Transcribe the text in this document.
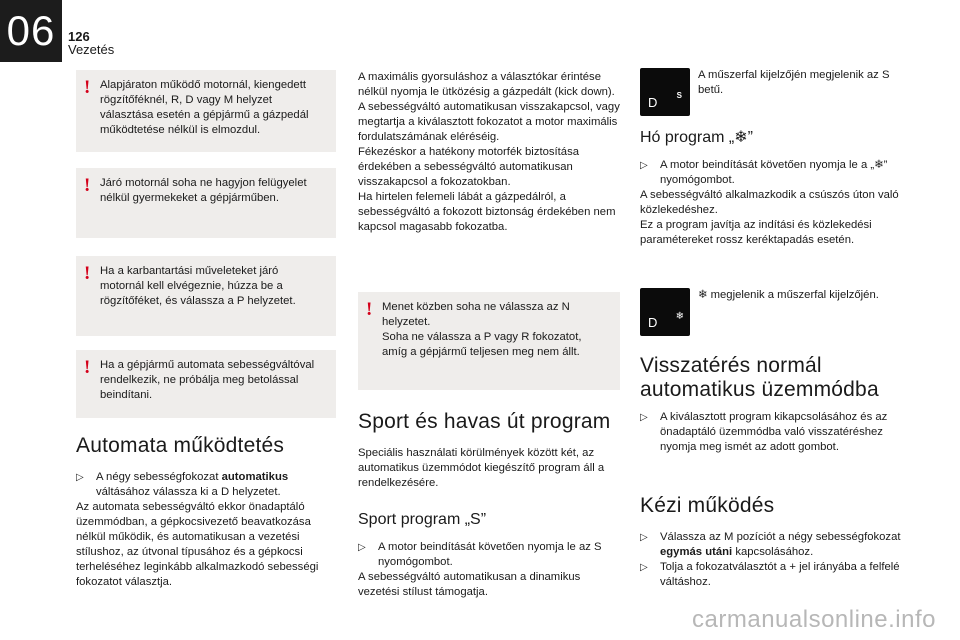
06 126
Vezetés
! Alapjáraton működő motornál, kiengedett rögzítőféknél, R, D vagy M helyzet választása esetén a gépjármű a gázpedál működtetése nélkül is elmozdul.
! Járó motornál soha ne hagyjon felügyelet nélkül gyermekeket a gépjárműben.
! Ha a karbantartási műveleteket járó motornál kell elvégeznie, húzza be a rögzítőféket, és válassza a P helyzetet.
! Ha a gépjármű automata sebességváltóval rendelkezik, ne próbálja meg betolással beindítani.
Automata működtetés
▷ A négy sebességfokozat automatikus váltásához válassza ki a D helyzetet.
Az automata sebességváltó ekkor önadaptáló üzemmódban, a gépkocsivezető beavatkozása nélkül működik, és automatikusan a vezetési stílushoz, az útvonal típusához és a gépkocsi terheléséhez leginkább alkalmazkodó sebességi fokozatot választja.
A maximális gyorsuláshoz a választókar érintése nélkül nyomja le ütközésig a gázpedált (kick down).
A sebességváltó automatikusan visszakapcsol, vagy megtartja a kiválasztott fokozatot a motor maximális fordulatszámának eléréséig.
Fékezéskor a hatékony motorfék biztosítása érdekében a sebességváltó automatikusan visszakapcsol a fokozatokban.
Ha hirtelen felemeli lábát a gázpedálról, a sebességváltó a fokozott biztonság érdekében nem kapcsol magasabb fokozatba.
! Menet közben soha ne válassza az N helyzetet.
Soha ne válassza a P vagy R fokozatot, amíg a gépjármű teljesen meg nem állt.
Sport és havas út program
Speciális használati körülmények között két, az automatikus üzemmódot kiegészítő program áll a rendelkezésére.
Sport program „S”
▷ A motor beindítását követően nyomja le az S nyomógombot.
A sebességváltó automatikusan a dinamikus vezetési stílust támogatja.
D S
A műszerfal kijelzőjén megjelenik az S betű.
Hó program „❄”
▷ A motor beindítását követően nyomja le a „❄” nyomógombot.
A sebességváltó alkalmazkodik a csúszós úton való közlekedéshez.
Ez a program javítja az indítási és közlekedési paramétereket rossz keréktapadás esetén.
D ❄
❄ megjelenik a műszerfal kijelzőjén.
Visszatérés normál automatikus üzemmódba
▷ A kiválasztott program kikapcsolásához és az önadaptáló üzemmódba való visszatéréshez nyomja meg ismét az adott gombot.
Kézi működés
▷ Válassza az M pozíciót a négy sebességfokozat egymás utáni kapcsolásához.
▷ Tolja a fokozatválasztót a + jel irányába a felfelé váltáshoz.
carmanualsonline.info
